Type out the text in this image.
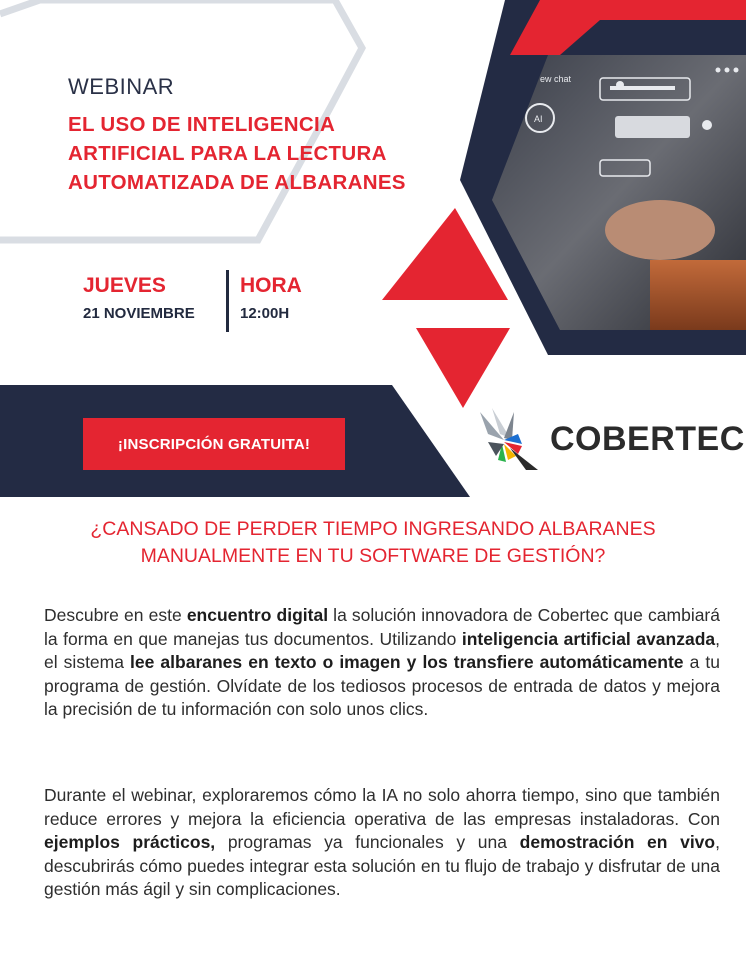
ew chat
AI
WEBINAR
EL USO DE INTELIGENCIA
ARTIFICIAL PARA LA LECTURA
AUTOMATIZADA DE ALBARANES
JUEVES
21 NOVIEMBRE
HORA
12:00H
¡INSCRIPCIÓN GRATUITA!	COBERTEC
¿CANSADO DE PERDER TIEMPO INGRESANDO ALBARANES
MANUALMENTE EN TU SOFTWARE DE GESTIÓN?
Descubre en este encuentro digital la solución innovadora de Cobertec que cambiará la forma en que manejas tus documentos. Utilizando inteligencia artificial avanzada, el sistema lee albaranes en texto o imagen y los transfiere automáticamente a tu programa de gestión. Olvídate de los tediosos procesos de entrada de datos y mejora la precisión de tu información con solo unos clics.
Durante el webinar, exploraremos cómo la IA no solo ahorra tiempo, sino que también reduce errores y mejora la eficiencia operativa de las empresas instaladoras. Con ejemplos prácticos, programas ya funcionales y una demostración en vivo, descubrirás cómo puedes integrar esta solución en tu flujo de trabajo y disfrutar de una gestión más ágil y sin complicaciones.
